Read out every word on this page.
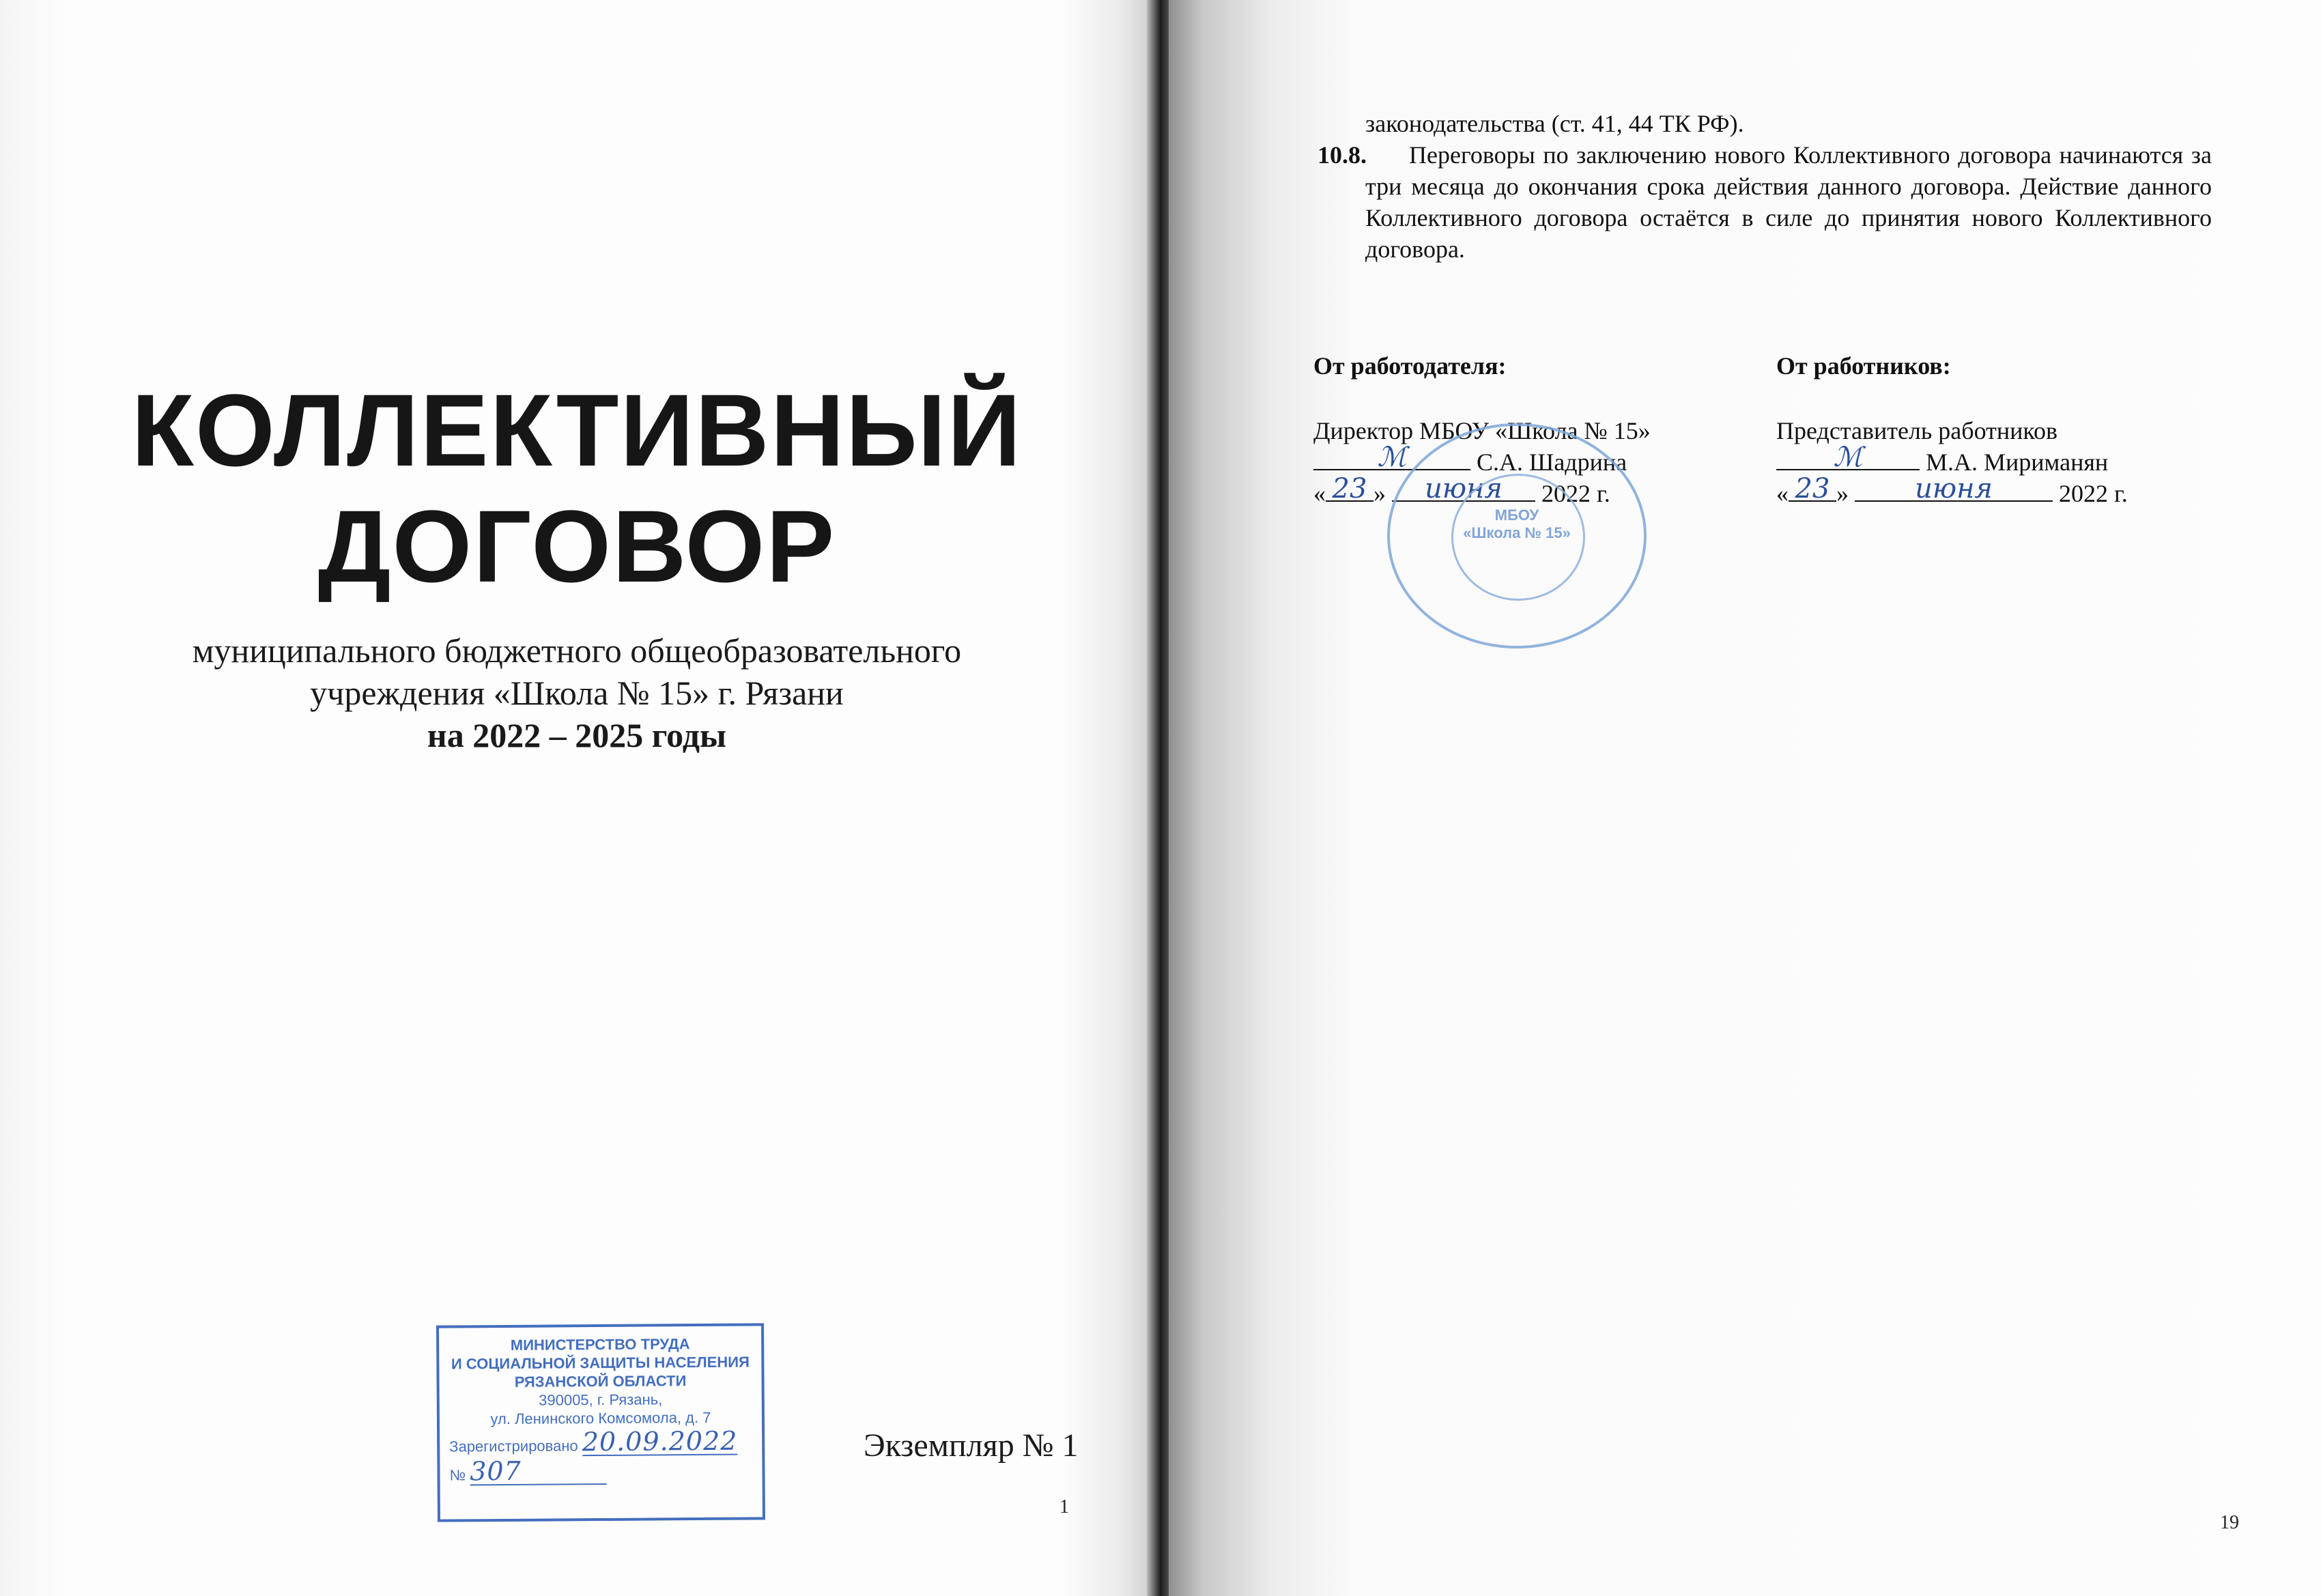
КОЛЛЕКТИВНЫЙ
ДОГОВОР
муниципального бюджетного общеобразовательного
учреждения «Школа № 15» г. Рязани
на 2022 – 2025 годы
МИНИСТЕРСТВО ТРУДА
И СОЦИАЛЬНОЙ ЗАЩИТЫ НАСЕЛЕНИЯ
РЯЗАНСКОЙ ОБЛАСТИ
390005, г. Рязань,
ул. Ленинского Комсомола, д. 7
Зарегистрировано 20.09.2022
№ 307
Экземпляр № 1
1
законодательства (ст. 41, 44 ТК РФ).
10.8.	Переговоры по заключению нового Коллективного договора начинаются за три месяца до окончания срока действия данного договора. Действие данного Коллективного договора остаётся в силе до принятия нового Коллективного договора.
От работодателя:	От работников:
Директор МБОУ «Школа № 15»
ℳ	С.А. Шадрина
« 23 »	июня	2022 г.
Представитель работников
ℳ	М.А. Мириманян
« 23 »	июня	2022 г.
МБОУ
«Школа № 15»
19
